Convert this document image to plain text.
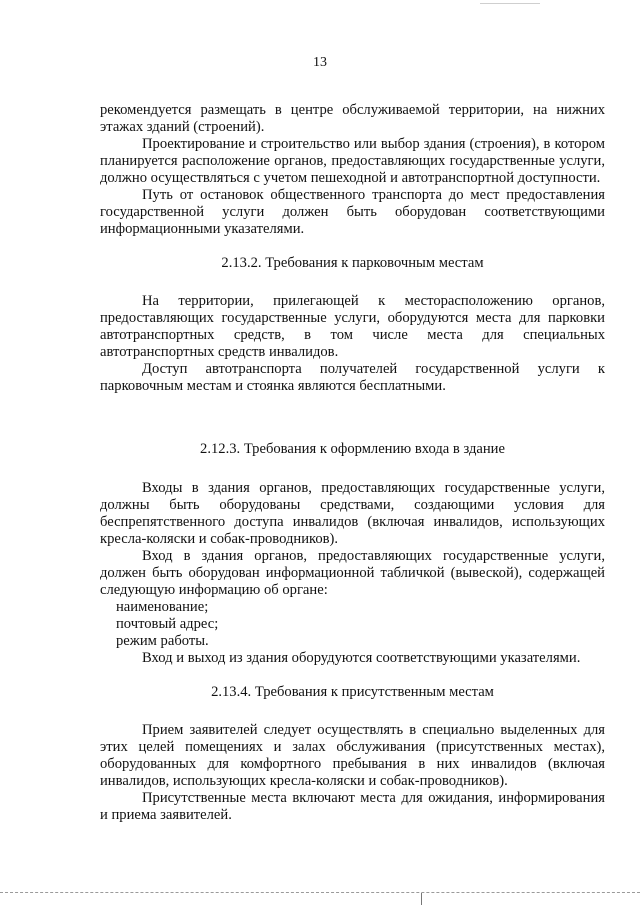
13

рекомендуется размещать в центре обслуживаемой территории, на нижних этажах зданий (строений).

Проектирование и строительство или выбор здания (строения), в котором планируется расположение органов, предоставляющих государственные услуги, должно осуществляться с учетом пешеходной и автотранспортной доступности.

Путь от остановок общественного транспорта до мест предоставления государственной услуги должен быть оборудован соответствующими информационными указателями.

2.13.2. Требования к парковочным местам

На территории, прилегающей к месторасположению органов, предоставляющих государственные услуги, оборудуются места для парковки автотранспортных средств, в том числе места для специальных автотранспортных средств инвалидов.

Доступ автотранспорта получателей государственной услуги к парковочным местам и стоянка являются бесплатными.

2.12.3. Требования к оформлению входа в здание

Входы в здания органов, предоставляющих государственные услуги, должны быть оборудованы средствами, создающими условия для беспрепятственного доступа инвалидов (включая инвалидов, использующих кресла-коляски и собак-проводников).

Вход в здания органов, предоставляющих государственные услуги, должен быть оборудован информационной табличкой (вывеской), содержащей следующую информацию об органе:

наименование;

почтовый адрес;

режим работы.

Вход и выход из здания оборудуются соответствующими указателями.

2.13.4. Требования к присутственным местам

Прием заявителей следует осуществлять в специально выделенных для этих целей помещениях и залах обслуживания (присутственных местах), оборудованных для комфортного пребывания в них инвалидов (включая инвалидов, использующих кресла-коляски и собак-проводников).

Присутственные места включают места для ожидания, информирования и приема заявителей.
